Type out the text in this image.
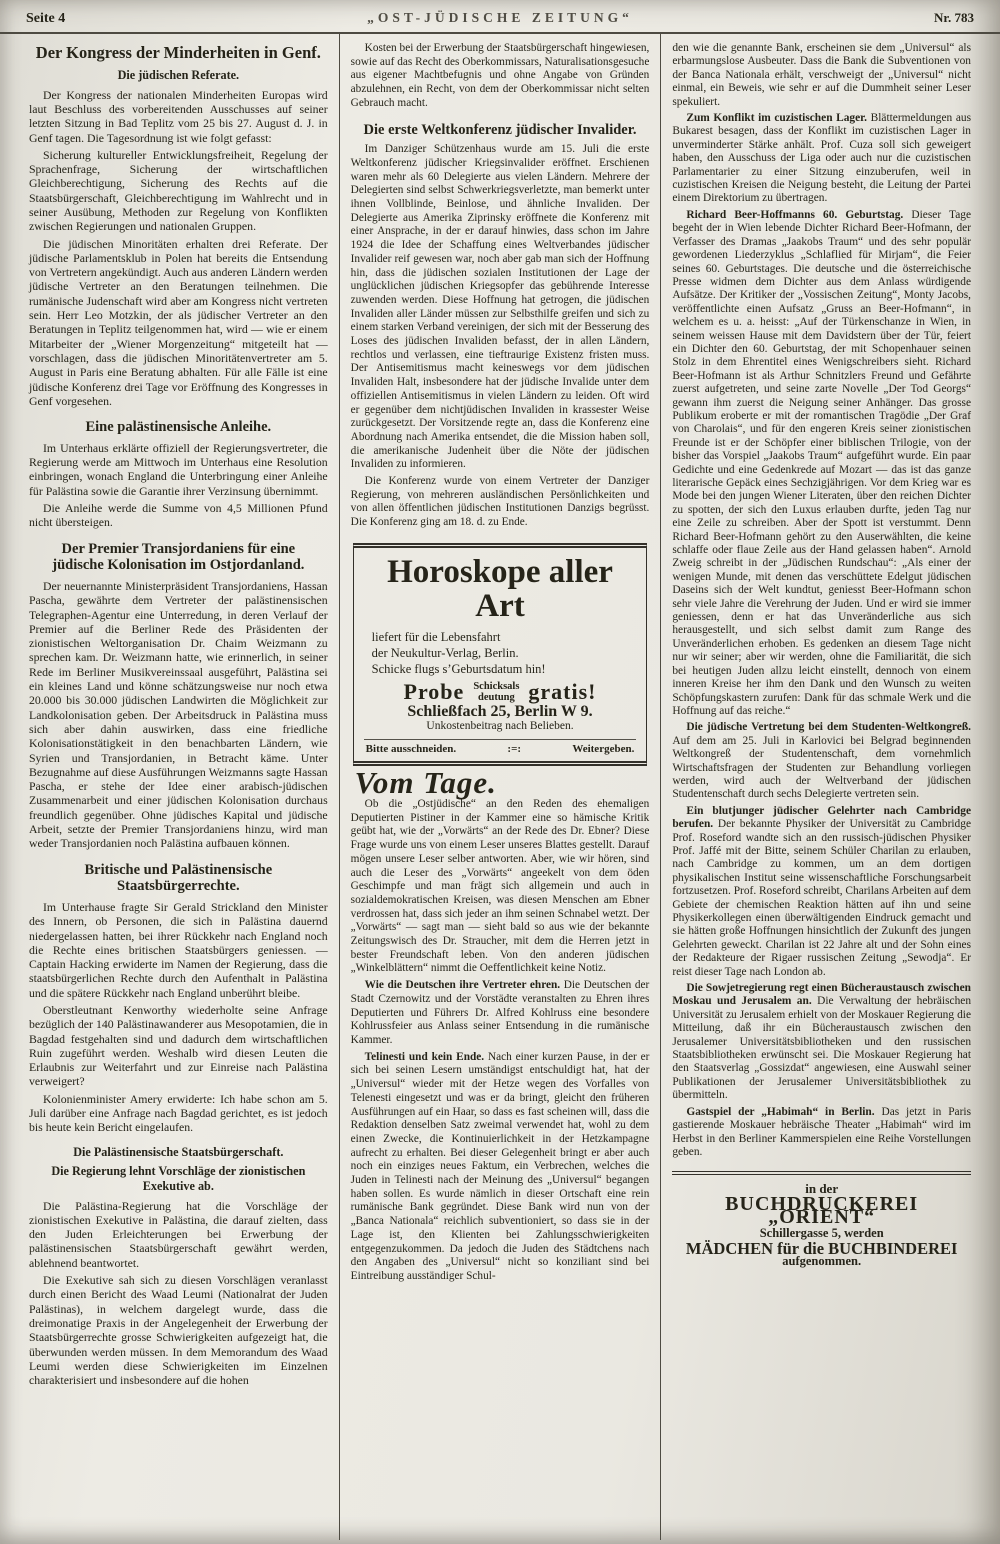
Seite 4	„OST-JÜDISCHE ZEITUNG“	Nr. 783
Der Kongress der Minderheiten in Genf.
Die jüdischen Referate.

Der Kongress der nationalen Minderheiten Europas wird laut Beschluss des vorbereitenden Ausschusses auf seiner letzten Sitzung in Bad Teplitz vom 25 bis 27. August d. J. in Genf tagen. Die Tagesordnung ist wie folgt gefasst:

Sicherung kultureller Entwicklungsfreiheit, Regelung der Sprachenfrage, Sicherung der wirtschaftlichen Gleichberechtigung, Sicherung des Rechts auf die Staatsbürgerschaft, Gleichberechtigung im Wahlrecht und in seiner Ausübung, Methoden zur Regelung von Konflikten zwischen Regierungen und nationalen Gruppen.

Die jüdischen Minoritäten erhalten drei Referate. Der jüdische Parlamentsklub in Polen hat bereits die Entsendung von Vertretern angekündigt. Auch aus anderen Ländern werden jüdische Vertreter an den Beratungen teilnehmen. Die rumänische Judenschaft wird aber am Kongress nicht vertreten sein. Herr Leo Motzkin, der als jüdischer Vertreter an den Beratungen in Teplitz teilgenommen hat, wird — wie er einem Mitarbeiter der „Wiener Morgenzeitung“ mitgeteilt hat — vorschlagen, dass die jüdischen Minoritätenvertreter am 5. August in Paris eine Beratung abhalten. Für alle Fälle ist eine jüdische Konferenz drei Tage vor Eröffnung des Kongresses in Genf vorgesehen.

Eine palästinensische Anleihe.

Im Unterhaus erklärte offiziell der Regierungsvertreter, die Regierung werde am Mittwoch im Unterhaus eine Resolution einbringen, wonach England die Unterbringung einer Anleihe für Palästina sowie die Garantie ihrer Verzinsung übernimmt.

Die Anleihe werde die Summe von 4,5 Millionen Pfund nicht übersteigen.

Der Premier Transjordaniens für eine jüdische Kolonisation im Ostjordanland.

Der neuernannte Ministerpräsident Transjordaniens, Hassan Pascha, gewährte dem Vertreter der palästinensischen Telegraphen-Agentur eine Unterredung, in deren Verlauf der Premier auf die Berliner Rede des Präsidenten der zionistischen Weltorganisation Dr. Chaim Weizmann zu sprechen kam. Dr. Weizmann hatte, wie erinnerlich, in seiner Rede im Berliner Musikvereinssaal ausgeführt, Palästina sei ein kleines Land und könne schätzungsweise nur noch etwa 20.000 bis 30.000 jüdischen Landwirten die Möglichkeit zur Landkolonisation geben. Der Arbeitsdruck in Palästina muss sich aber dahin auswirken, dass eine friedliche Kolonisationstätigkeit in den benachbarten Ländern, wie Syrien und Transjordanien, in Betracht käme. Unter Bezugnahme auf diese Ausführungen Weizmanns sagte Hassan Pascha, er stehe der Idee einer arabisch-jüdischen Zusammenarbeit und einer jüdischen Kolonisation durchaus freundlich gegenüber. Ohne jüdisches Kapital und jüdische Arbeit, setzte der Premier Transjordaniens hinzu, wird man weder Transjordanien noch Palästina aufbauen können.

Britische und Palästinensische Staatsbürgerrechte.

Im Unterhause fragte Sir Gerald Strickland den Minister des Innern, ob Personen, die sich in Palästina dauernd niedergelassen hatten, bei ihrer Rückkehr nach England noch die Rechte eines britischen Staatsbürgers geniessen. — Captain Hacking erwiderte im Namen der Regierung, dass die staatsbürgerlichen Rechte durch den Aufenthalt in Palästina und die spätere Rückkehr nach England unberührt bleibe.

Oberstleutnant Kenworthy wiederholte seine Anfrage bezüglich der 140 Palästinawanderer aus Mesopotamien, die in Bagdad festgehalten sind und dadurch dem wirtschaftlichen Ruin zugeführt werden. Weshalb wird diesen Leuten die Erlaubnis zur Weiterfahrt und zur Einreise nach Palästina verweigert?

Kolonienminister Amery erwiderte: Ich habe schon am 5. Juli darüber eine Anfrage nach Bagdad gerichtet, es ist jedoch bis heute kein Bericht eingelaufen.

Die Palästinensische Staatsbürgerschaft.
Die Regierung lehnt Vorschläge der zionistischen Exekutive ab.

Die Palästina-Regierung hat die Vorschläge der zionistischen Exekutive in Palästina, die darauf zielten, dass den Juden Erleichterungen bei Erwerbung der palästinensischen Staatsbürgerschaft gewährt werden, ablehnend beantwortet.

Die Exekutive sah sich zu diesen Vorschlägen veranlasst durch einen Bericht des Waad Leumi (Nationalrat der Juden Palästinas), in welchem dargelegt wurde, dass die dreimonatige Praxis in der Angelegenheit der Erwerbung der Staatsbürgerrechte grosse Schwierigkeiten aufgezeigt hat, die überwunden werden müssen. In dem Memorandum des Waad Leumi werden diese Schwierigkeiten im Einzelnen charakterisiert und insbesondere auf die hohen

Kosten bei der Erwerbung der Staatsbürgerschaft hingewiesen, sowie auf das Recht des Oberkommissars, Naturalisationsgesuche aus eigener Machtbefugnis und ohne Angabe von Gründen abzulehnen, ein Recht, von dem der Oberkommissar nicht selten Gebrauch macht.

Die erste Weltkonferenz jüdischer Invalider.

Im Danziger Schützenhaus wurde am 15. Juli die erste Weltkonferenz jüdischer Kriegsinvalider eröffnet. Erschienen waren mehr als 60 Delegierte aus vielen Ländern. Mehrere der Delegierten sind selbst Schwerkriegsverletzte, man bemerkt unter ihnen Vollblinde, Beinlose, und ähnliche Invaliden. Der Delegierte aus Amerika Ziprinsky eröffnete die Konferenz mit einer Ansprache, in der er darauf hinwies, dass schon im Jahre 1924 die Idee der Schaffung eines Weltverbandes jüdischer Invalider reif gewesen war, noch aber gab man sich der Hoffnung hin, dass die jüdischen sozialen Institutionen der Lage der unglücklichen jüdischen Kriegsopfer das gebührende Interesse zuwenden werden. Diese Hoffnung hat getrogen, die jüdischen Invaliden aller Länder müssen zur Selbsthilfe greifen und sich zu einem starken Verband vereinigen, der sich mit der Besserung des Loses des jüdischen Invaliden befasst, der in allen Ländern, rechtlos und verlassen, eine tieftraurige Existenz fristen muss. Der Antisemitismus macht keineswegs vor dem jüdischen Invaliden Halt, insbesondere hat der jüdische Invalide unter dem offiziellen Antisemitismus in vielen Ländern zu leiden. Oft wird er gegenüber dem nichtjüdischen Invaliden in krassester Weise zurückgesetzt. Der Vorsitzende regte an, dass die Konferenz eine Abordnung nach Amerika entsendet, die die Mission haben soll, die amerikanische Judenheit über die Nöte der jüdischen Invaliden zu informieren.

Die Konferenz wurde von einem Vertreter der Danziger Regierung, von mehreren ausländischen Persönlichkeiten und von allen öffentlichen jüdischen Institutionen Danzigs begrüsst. Die Konferenz ging am 18. d. zu Ende.

Horoskope aller Art
liefert für die Lebensfahrt
der Neukultur-Verlag, Berlin.
Schicke flugs s’Geburtsdatum hin!
Probe Schicksals
deutung gratis!
Schließfach 25, Berlin W 9.
Unkostenbeitrag nach Belieben.
Bitte ausschneiden.	:=:	Weitergeben.
Vom Tage.

Ob die „Ostjüdische“ an den Reden des ehemaligen Deputierten Pistiner in der Kammer eine so hämische Kritik geübt hat, wie der „Vorwärts“ an der Rede des Dr. Ebner? Diese Frage wurde uns von einem Leser unseres Blattes gestellt. Darauf mögen unsere Leser selber antworten. Aber, wie wir hören, sind auch die Leser des „Vorwärts“ angeekelt von dem öden Geschimpfe und man frägt sich allgemein und auch in sozialdemokratischen Kreisen, was diesen Menschen am Ebner verdrossen hat, dass sich jeder an ihm seinen Schnabel wetzt. Der „Vorwärts“ — sagt man — sieht bald so aus wie der bekannte Zeitungswisch des Dr. Straucher, mit dem die Herren jetzt in bester Freundschaft leben. Von den anderen jüdischen „Winkelblättern“ nimmt die Oeffentlichkeit keine Notiz.

Wie die Deutschen ihre Vertreter ehren. Die Deutschen der Stadt Czernowitz und der Vorstädte veranstalten zu Ehren ihres Deputierten und Führers Dr. Alfred Kohlruss eine besondere Kohlrussfeier aus Anlass seiner Entsendung in die rumänische Kammer.

Telinesti und kein Ende. Nach einer kurzen Pause, in der er sich bei seinen Lesern umständigst entschuldigt hat, hat der „Universul“ wieder mit der Hetze wegen des Vorfalles von Telenesti eingesetzt und was er da bringt, gleicht den früheren Ausführungen auf ein Haar, so dass es fast scheinen will, dass die Redaktion denselben Satz zweimal verwendet hat, wohl zu dem einen Zwecke, die Kontinuierlichkeit in der Hetzkampagne aufrecht zu erhalten. Bei dieser Gelegenheit bringt er aber auch noch ein einziges neues Faktum, ein Verbrechen, welches die Juden in Telinesti nach der Meinung des „Universul“ begangen haben sollen. Es wurde nämlich in dieser Ortschaft eine rein rumänische Bank gegründet. Diese Bank wird nun von der „Banca Nationala“ reichlich subventioniert, so dass sie in der Lage ist, den Klienten bei Zahlungsschwierigkeiten entgegenzukommen. Da jedoch die Juden des Städtchens nach den Angaben des „Universul“ nicht so konziliant sind bei Eintreibung ausständiger Schul-

den wie die genannte Bank, erscheinen sie dem „Universul“ als erbarmungslose Ausbeuter. Dass die Bank die Subventionen von der Banca Nationala erhält, verschweigt der „Universul“ nicht einmal, ein Beweis, wie sehr er auf die Dummheit seiner Leser spekuliert.

Zum Konflikt im cuzistischen Lager. Blättermeldungen aus Bukarest besagen, dass der Konflikt im cuzistischen Lager in unverminderter Stärke anhält. Prof. Cuza soll sich geweigert haben, den Ausschuss der Liga oder auch nur die cuzistischen Parlamentarier zu einer Sitzung einzuberufen, weil in cuzistischen Kreisen die Neigung besteht, die Leitung der Partei einem Direktorium zu übertragen.

Richard Beer-Hoffmanns 60. Geburtstag. Dieser Tage begeht der in Wien lebende Dichter Richard Beer-Hofmann, der Verfasser des Dramas „Jaakobs Traum“ und des sehr populär gewordenen Liederzyklus „Schlaflied für Mirjam“, die Feier seines 60. Geburtstages. Die deutsche und die österreichische Presse widmen dem Dichter aus dem Anlass würdigende Aufsätze. Der Kritiker der „Vossischen Zeitung“, Monty Jacobs, veröffentlichte einen Aufsatz „Gruss an Beer-Hofmann“, in welchem es u. a. heisst: „Auf der Türkenschanze in Wien, in seinem weissen Hause mit dem Davidstern über der Tür, feiert ein Dichter den 60. Geburtstag, der mit Schopenhauer seinen Stolz in dem Ehrentitel eines Wenigschreibers sieht. Richard Beer-Hofmann ist als Arthur Schnitzlers Freund und Gefährte zuerst aufgetreten, und seine zarte Novelle „Der Tod Georgs“ gewann ihm zuerst die Neigung seiner Anhänger. Das grosse Publikum eroberte er mit der romantischen Tragödie „Der Graf von Charolais“, und für den engeren Kreis seiner zionistischen Freunde ist er der Schöpfer einer biblischen Trilogie, von der bisher das Vorspiel „Jaakobs Traum“ aufgeführt wurde. Ein paar Gedichte und eine Gedenkrede auf Mozart — das ist das ganze literarische Gepäck eines Sechzigjährigen. Vor dem Krieg war es Mode bei den jungen Wiener Literaten, über den reichen Dichter zu spotten, der sich den Luxus erlauben durfte, jeden Tag nur eine Zeile zu schreiben. Aber der Spott ist verstummt. Denn Richard Beer-Hofmann gehört zu den Auserwählten, die keine schlaffe oder flaue Zeile aus der Hand gelassen haben“. Arnold Zweig schreibt in der „Jüdischen Rundschau“: „Als einer der wenigen Munde, mit denen das verschüttete Edelgut jüdischen Daseins sich der Welt kundtut, geniesst Beer-Hofmann schon sehr viele Jahre die Verehrung der Juden. Und er wird sie immer geniessen, denn er hat das Unveränderliche aus sich herausgestellt, und sich selbst damit zum Range des Unveränderlichen erhoben. Es gedenken an diesem Tage nicht nur wir seiner; aber wir werden, ohne die Familiarität, die sich bei heutigen Juden allzu leicht einstellt, dennoch von einem inneren Kreise her ihm den Dank und den Wunsch zu weiten Schöpfungskastern zurufen: Dank für das schmale Werk und die Hoffnung auf das reiche.“

Die jüdische Vertretung bei dem Studenten-Weltkongreß. Auf dem am 25. Juli in Karlovici bei Belgrad beginnenden Weltkongreß der Studentenschaft, dem vornehmlich Wirtschaftsfragen der Studenten zur Behandlung vorliegen werden, wird auch der Weltverband der jüdischen Studentenschaft durch sechs Delegierte vertreten sein.

Ein blutjunger jüdischer Gelehrter nach Cambridge berufen. Der bekannte Physiker der Universität zu Cambridge Prof. Roseford wandte sich an den russisch-jüdischen Physiker Prof. Jaffé mit der Bitte, seinem Schüler Charilan zu erlauben, nach Cambridge zu kommen, um an dem dortigen physikalischen Institut seine wissenschaftliche Forschungsarbeit fortzusetzen. Prof. Roseford schreibt, Charilans Arbeiten auf dem Gebiete der chemischen Reaktion hätten auf ihn und seine Physikerkollegen einen überwältigenden Eindruck gemacht und sie hätten große Hoffnungen hinsichtlich der Zukunft des jungen Gelehrten geweckt. Charilan ist 22 Jahre alt und der Sohn eines der Redakteure der Rigaer russischen Zeitung „Sewodja“. Er reist dieser Tage nach London ab.

Die Sowjetregierung regt einen Bücheraustausch zwischen Moskau und Jerusalem an. Die Verwaltung der hebräischen Universität zu Jerusalem erhielt von der Moskauer Regierung die Mitteilung, daß ihr ein Bücheraustausch zwischen den Jerusalemer Universitätsbibliotheken und den russischen Staatsbibliotheken erwünscht sei. Die Moskauer Regierung hat den Staatsverlag „Gossizdat“ angewiesen, eine Auswahl seiner Publikationen der Jerusalemer Universitätsbibliothek zu übermitteln.

Gastspiel der „Habimah“ in Berlin. Das jetzt in Paris gastierende Moskauer hebräische Theater „Habimah“ wird im Herbst in den Berliner Kammerspielen eine Reihe Vorstellungen geben.

in der
BUCHDRUCKEREI „ORIENT“
Schillergasse 5, werden
MÄDCHEN für die BUCHBINDEREI
aufgenommen.
